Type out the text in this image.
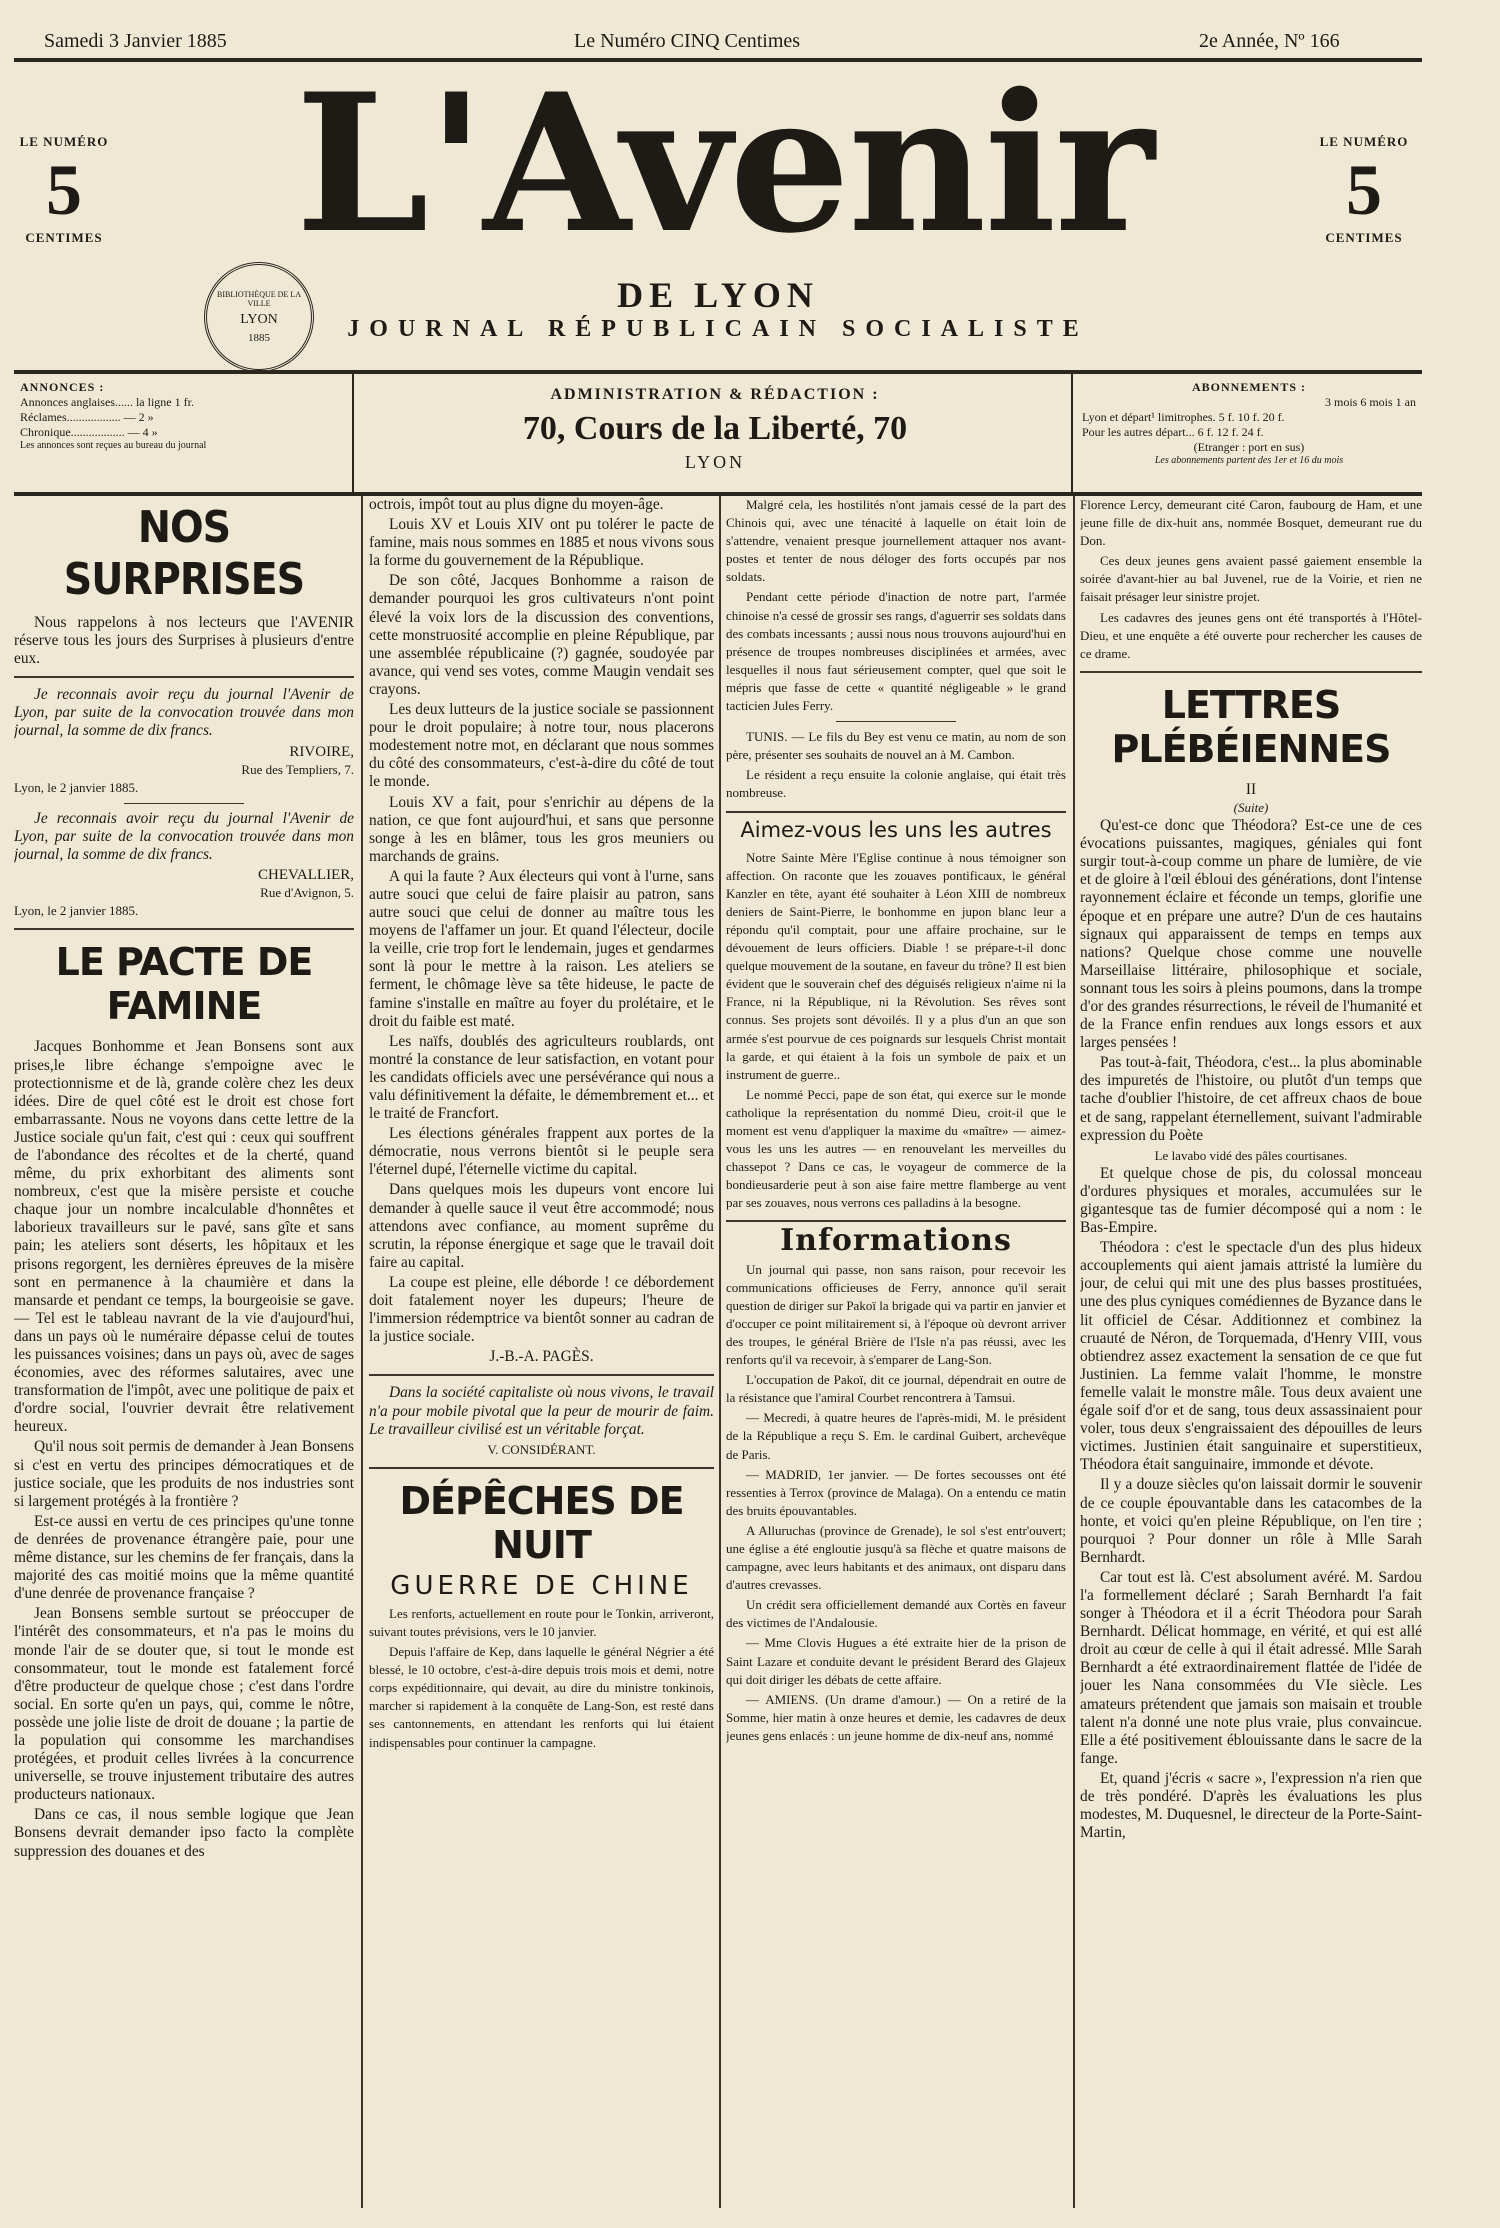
Samedi 3 Janvier 1885	Le Numéro CINQ Centimes	2e Année, Nº 166
LE NUMÉRO
5
CENTIMES	L'Avenir	LE NUMÉRO
5
CENTIMES
BIBLIOTHÈQUE DE LA VILLE
LYON
1885
DE LYON
JOURNAL RÉPUBLICAIN SOCIALISTE
ANNONCES :
Annonces anglaises...... la ligne 1 fr.
Réclames.................. — 2 »
Chronique.................. — 4 »
Les annonces sont reçues au bureau du journal
ADMINISTRATION & RÉDACTION :
70, Cours de la Liberté, 70
LYON
ABONNEMENTS :
3 mois 6 mois 1 an
Lyon et départ¹ limitrophes. 5 f. 10 f. 20 f.
Pour les autres départ... 6 f. 12 f. 24 f.
(Etranger : port en sus)
Les abonnements partent des 1er et 16 du mois
NOS SURPRISES

Nous rappelons à nos lecteurs que l'AVENIR réserve tous les jours des Surprises à plusieurs d'entre eux.

Je reconnais avoir reçu du journal l'Avenir de Lyon, par suite de la convocation trouvée dans mon journal, la somme de dix francs.

RIVOIRE,
Rue des Templiers, 7.
Lyon, le 2 janvier 1885.

Je reconnais avoir reçu du journal l'Avenir de Lyon, par suite de la convocation trouvée dans mon journal, la somme de dix francs.

CHEVALLIER,
Rue d'Avignon, 5.
Lyon, le 2 janvier 1885.
LE PACTE DE FAMINE

Jacques Bonhomme et Jean Bonsens sont aux prises,le libre échange s'empoigne avec le protectionnisme et de là, grande colère chez les deux idées. Dire de quel côté est le droit est chose fort embarrassante. Nous ne voyons dans cette lettre de la Justice sociale qu'un fait, c'est qui : ceux qui souffrent de l'abondance des récoltes et de la cherté, quand même, du prix exhorbitant des aliments sont nombreux, c'est que la misère persiste et couche chaque jour un nombre incalculable d'honnêtes et laborieux travailleurs sur le pavé, sans gîte et sans pain; les ateliers sont déserts, les hôpitaux et les prisons regorgent, les dernières épreuves de la misère sont en permanence à la chaumière et dans la mansarde et pendant ce temps, la bourgeoisie se gave. — Tel est le tableau navrant de la vie d'aujourd'hui, dans un pays où le numéraire dépasse celui de toutes les puissances voisines; dans un pays où, avec de sages économies, avec des réformes salutaires, avec une transformation de l'impôt, avec une politique de paix et d'ordre social, l'ouvrier devrait être relativement heureux.

Qu'il nous soit permis de demander à Jean Bonsens si c'est en vertu des principes démocratiques et de justice sociale, que les produits de nos industries sont si largement protégés à la frontière ?

Est-ce aussi en vertu de ces principes qu'une tonne de denrées de provenance étrangère paie, pour une même distance, sur les chemins de fer français, dans la majorité des cas moitié moins que la même quantité d'une denrée de provenance française ?

Jean Bonsens semble surtout se préoccuper de l'intérêt des consommateurs, et n'a pas le moins du monde l'air de se douter que, si tout le monde est consommateur, tout le monde est fatalement forcé d'être producteur de quelque chose ; c'est dans l'ordre social. En sorte qu'en un pays, qui, comme le nôtre, possède une jolie liste de droit de douane ; la partie de la population qui consomme les marchandises protégées, et produit celles livrées à la concurrence universelle, se trouve injustement tributaire des autres producteurs nationaux.

Dans ce cas, il nous semble logique que Jean Bonsens devrait demander ipso facto la complète suppression des douanes et des

octrois, impôt tout au plus digne du moyen-âge.

Louis XV et Louis XIV ont pu tolérer le pacte de famine, mais nous sommes en 1885 et nous vivons sous la forme du gouvernement de la République.

De son côté, Jacques Bonhomme a raison de demander pourquoi les gros cultivateurs n'ont point élevé la voix lors de la discussion des conventions, cette monstruosité accomplie en pleine République, par une assemblée républicaine (?) gagnée, soudoyée par avance, qui vend ses votes, comme Maugin vendait ses crayons.

Les deux lutteurs de la justice sociale se passionnent pour le droit populaire; à notre tour, nous placerons modestement notre mot, en déclarant que nous sommes du côté des consommateurs, c'est-à-dire du côté de tout le monde.

Louis XV a fait, pour s'enrichir au dépens de la nation, ce que font aujourd'hui, et sans que personne songe à les en blâmer, tous les gros meuniers ou marchands de grains.

A qui la faute ? Aux électeurs qui vont à l'urne, sans autre souci que celui de faire plaisir au patron, sans autre souci que celui de donner au maître tous les moyens de l'affamer un jour. Et quand l'électeur, docile la veille, crie trop fort le lendemain, juges et gendarmes sont là pour le mettre à la raison. Les ateliers se ferment, le chômage lève sa tête hideuse, le pacte de famine s'installe en maître au foyer du prolétaire, et le droit du faible est maté.

Les naïfs, doublés des agriculteurs roublards, ont montré la constance de leur satisfaction, en votant pour les candidats officiels avec une persévérance qui nous a valu définitivement la défaite, le démembrement et... et le traité de Francfort.

Les élections générales frappent aux portes de la démocratie, nous verrons bientôt si le peuple sera l'éternel dupé, l'éternelle victime du capital.

Dans quelques mois les dupeurs vont encore lui demander à quelle sauce il veut être accommodé; nous attendons avec confiance, au moment suprême du scrutin, la réponse énergique et sage que le travail doit faire au capital.

La coupe est pleine, elle déborde ! ce débordement doit fatalement noyer les dupeurs; l'heure de l'immersion rédemptrice va bientôt sonner au cadran de la justice sociale.

J.-B.-A. PAGÈS.

Dans la société capitaliste où nous vivons, le travail n'a pour mobile pivotal que la peur de mourir de faim. Le travailleur civilisé est un véritable forçat.

V. CONSIDÉRANT.
DÉPÊCHES DE NUIT
GUERRE DE CHINE

Les renforts, actuellement en route pour le Tonkin, arriveront, suivant toutes prévisions, vers le 10 janvier.

Depuis l'affaire de Kep, dans laquelle le général Négrier a été blessé, le 10 octobre, c'est-à-dire depuis trois mois et demi, notre corps expéditionnaire, qui devait, au dire du ministre tonkinois, marcher si rapidement à la conquête de Lang-Son, est resté dans ses cantonnements, en attendant les renforts qui lui étaient indispensables pour continuer la campagne.

Malgré cela, les hostilités n'ont jamais cessé de la part des Chinois qui, avec une ténacité à laquelle on était loin de s'attendre, venaient presque journellement attaquer nos avant-postes et tenter de nous déloger des forts occupés par nos soldats.

Pendant cette période d'inaction de notre part, l'armée chinoise n'a cessé de grossir ses rangs, d'aguerrir ses soldats dans des combats incessants ; aussi nous nous trouvons aujourd'hui en présence de troupes nombreuses disciplinées et armées, avec lesquelles il nous faut sérieusement compter, quel que soit le mépris que fasse de cette « quantité négligeable » le grand tacticien Jules Ferry.

TUNIS. — Le fils du Bey est venu ce matin, au nom de son père, présenter ses souhaits de nouvel an à M. Cambon.

Le résident a reçu ensuite la colonie anglaise, qui était très nombreuse.

Aimez-vous les uns les autres

Notre Sainte Mère l'Eglise continue à nous témoigner son affection. On raconte que les zouaves pontificaux, le général Kanzler en tête, ayant été souhaiter à Léon XIII de nombreux deniers de Saint-Pierre, le bonhomme en jupon blanc leur a répondu qu'il comptait, pour une affaire prochaine, sur le dévouement de leurs officiers. Diable ! se prépare-t-il donc quelque mouvement de la soutane, en faveur du trône? Il est bien évident que le souverain chef des déguisés religieux n'aime ni la France, ni la République, ni la Révolution. Ses rêves sont connus. Ses projets sont dévoilés. Il y a plus d'un an que son armée s'est pourvue de ces poignards sur lesquels Christ montait la garde, et qui étaient à la fois un symbole de paix et un instrument de guerre..

Le nommé Pecci, pape de son état, qui exerce sur le monde catholique la représentation du nommé Dieu, croit-il que le moment est venu d'appliquer la maxime du «maître» — aimez-vous les uns les autres — en renouvelant les merveilles du chassepot ? Dans ce cas, le voyageur de commerce de la bondieusarderie peut à son aise faire mettre flamberge au vent par ses zouaves, nous verrons ces palladins à la besogne.

Informations

Un journal qui passe, non sans raison, pour recevoir les communications officieuses de Ferry, annonce qu'il serait question de diriger sur Pakoï la brigade qui va partir en janvier et d'occuper ce point militairement si, à l'époque où devront arriver des troupes, le général Brière de l'Isle n'a pas réussi, avec les renforts qu'il va recevoir, à s'emparer de Lang-Son.

L'occupation de Pakoï, dit ce journal, dépendrait en outre de la résistance que l'amiral Courbet rencontrera à Tamsui.

— Mecredi, à quatre heures de l'après-midi, M. le président de la République a reçu S. Em. le cardinal Guibert, archevêque de Paris.

— MADRID, 1er janvier. — De fortes secousses ont été ressenties à Terrox (province de Malaga). On a entendu ce matin des bruits épouvantables.

A Alluruchas (province de Grenade), le sol s'est entr'ouvert; une église a été engloutie jusqu'à sa flèche et quatre maisons de campagne, avec leurs habitants et des animaux, ont disparu dans d'autres crevasses.

Un crédit sera officiellement demandé aux Cortès en faveur des victimes de l'Andalousie.

— Mme Clovis Hugues a été extraite hier de la prison de Saint Lazare et conduite devant le président Berard des Glajeux qui doit diriger les débats de cette affaire.

— AMIENS. (Un drame d'amour.) — On a retiré de la Somme, hier matin à onze heures et demie, les cadavres de deux jeunes gens enlacés : un jeune homme de dix-neuf ans, nommé

Florence Lercy, demeurant cité Caron, faubourg de Ham, et une jeune fille de dix-huit ans, nommée Bosquet, demeurant rue du Don.

Ces deux jeunes gens avaient passé gaiement ensemble la soirée d'avant-hier au bal Juvenel, rue de la Voirie, et rien ne faisait présager leur sinistre projet.

Les cadavres des jeunes gens ont été transportés à l'Hôtel-Dieu, et une enquête a été ouverte pour rechercher les causes de ce drame.

LETTRES PLÉBÉIENNES
II
(Suite)

Qu'est-ce donc que Théodora? Est-ce une de ces évocations puissantes, magiques, géniales qui font surgir tout-à-coup comme un phare de lumière, de vie et de gloire à l'œil ébloui des générations, dont l'intense rayonnement éclaire et féconde un temps, glorifie une époque et en prépare une autre? D'un de ces hautains signaux qui apparaissent de temps en temps aux nations? Quelque chose comme une nouvelle Marseillaise littéraire, philosophique et sociale, sonnant tous les soirs à pleins poumons, dans la trompe d'or des grandes résurrections, le réveil de l'humanité et de la France enfin rendues aux longs essors et aux larges pensées !

Pas tout-à-fait, Théodora, c'est... la plus abominable des impuretés de l'histoire, ou plutôt d'un temps que tache d'oublier l'histoire, de cet affreux chaos de boue et de sang, rappelant éternellement, suivant l'admirable expression du Poète

Le lavabo vidé des pâles courtisanes.

Et quelque chose de pis, du colossal monceau d'ordures physiques et morales, accumulées sur le gigantesque tas de fumier décomposé qui a nom : le Bas-Empire.

Théodora : c'est le spectacle d'un des plus hideux accouplements qui aient jamais attristé la lumière du jour, de celui qui mit une des plus basses prostituées, une des plus cyniques comédiennes de Byzance dans le lit officiel de César. Additionnez et combinez la cruauté de Néron, de Torquemada, d'Henry VIII, vous obtiendrez assez exactement la sensation de ce que fut Justinien. La femme valait l'homme, le monstre femelle valait le monstre mâle. Tous deux avaient une égale soif d'or et de sang, tous deux assassinaient pour voler, tous deux s'engraissaient des dépouilles de leurs victimes. Justinien était sanguinaire et superstitieux, Théodora était sanguinaire, immonde et dévote.

Il y a douze siècles qu'on laissait dormir le souvenir de ce couple épouvantable dans les catacombes de la honte, et voici qu'en pleine République, on l'en tire ; pourquoi ? Pour donner un rôle à Mlle Sarah Bernhardt.

Car tout est là. C'est absolument avéré. M. Sardou l'a formellement déclaré ; Sarah Bernhardt l'a fait songer à Théodora et il a écrit Théodora pour Sarah Bernhardt. Délicat hommage, en vérité, et qui est allé droit au cœur de celle à qui il était adressé. Mlle Sarah Bernhardt a été extraordinairement flattée de l'idée de jouer les Nana consommées du VIe siècle. Les amateurs prétendent que jamais son maisain et trouble talent n'a donné une note plus vraie, plus convaincue. Elle a été positivement éblouissante dans le sacre de la fange.

Et, quand j'écris « sacre », l'expression n'a rien que de très pondéré. D'après les évaluations les plus modestes, M. Duquesnel, le directeur de la Porte-Saint-Martin,
